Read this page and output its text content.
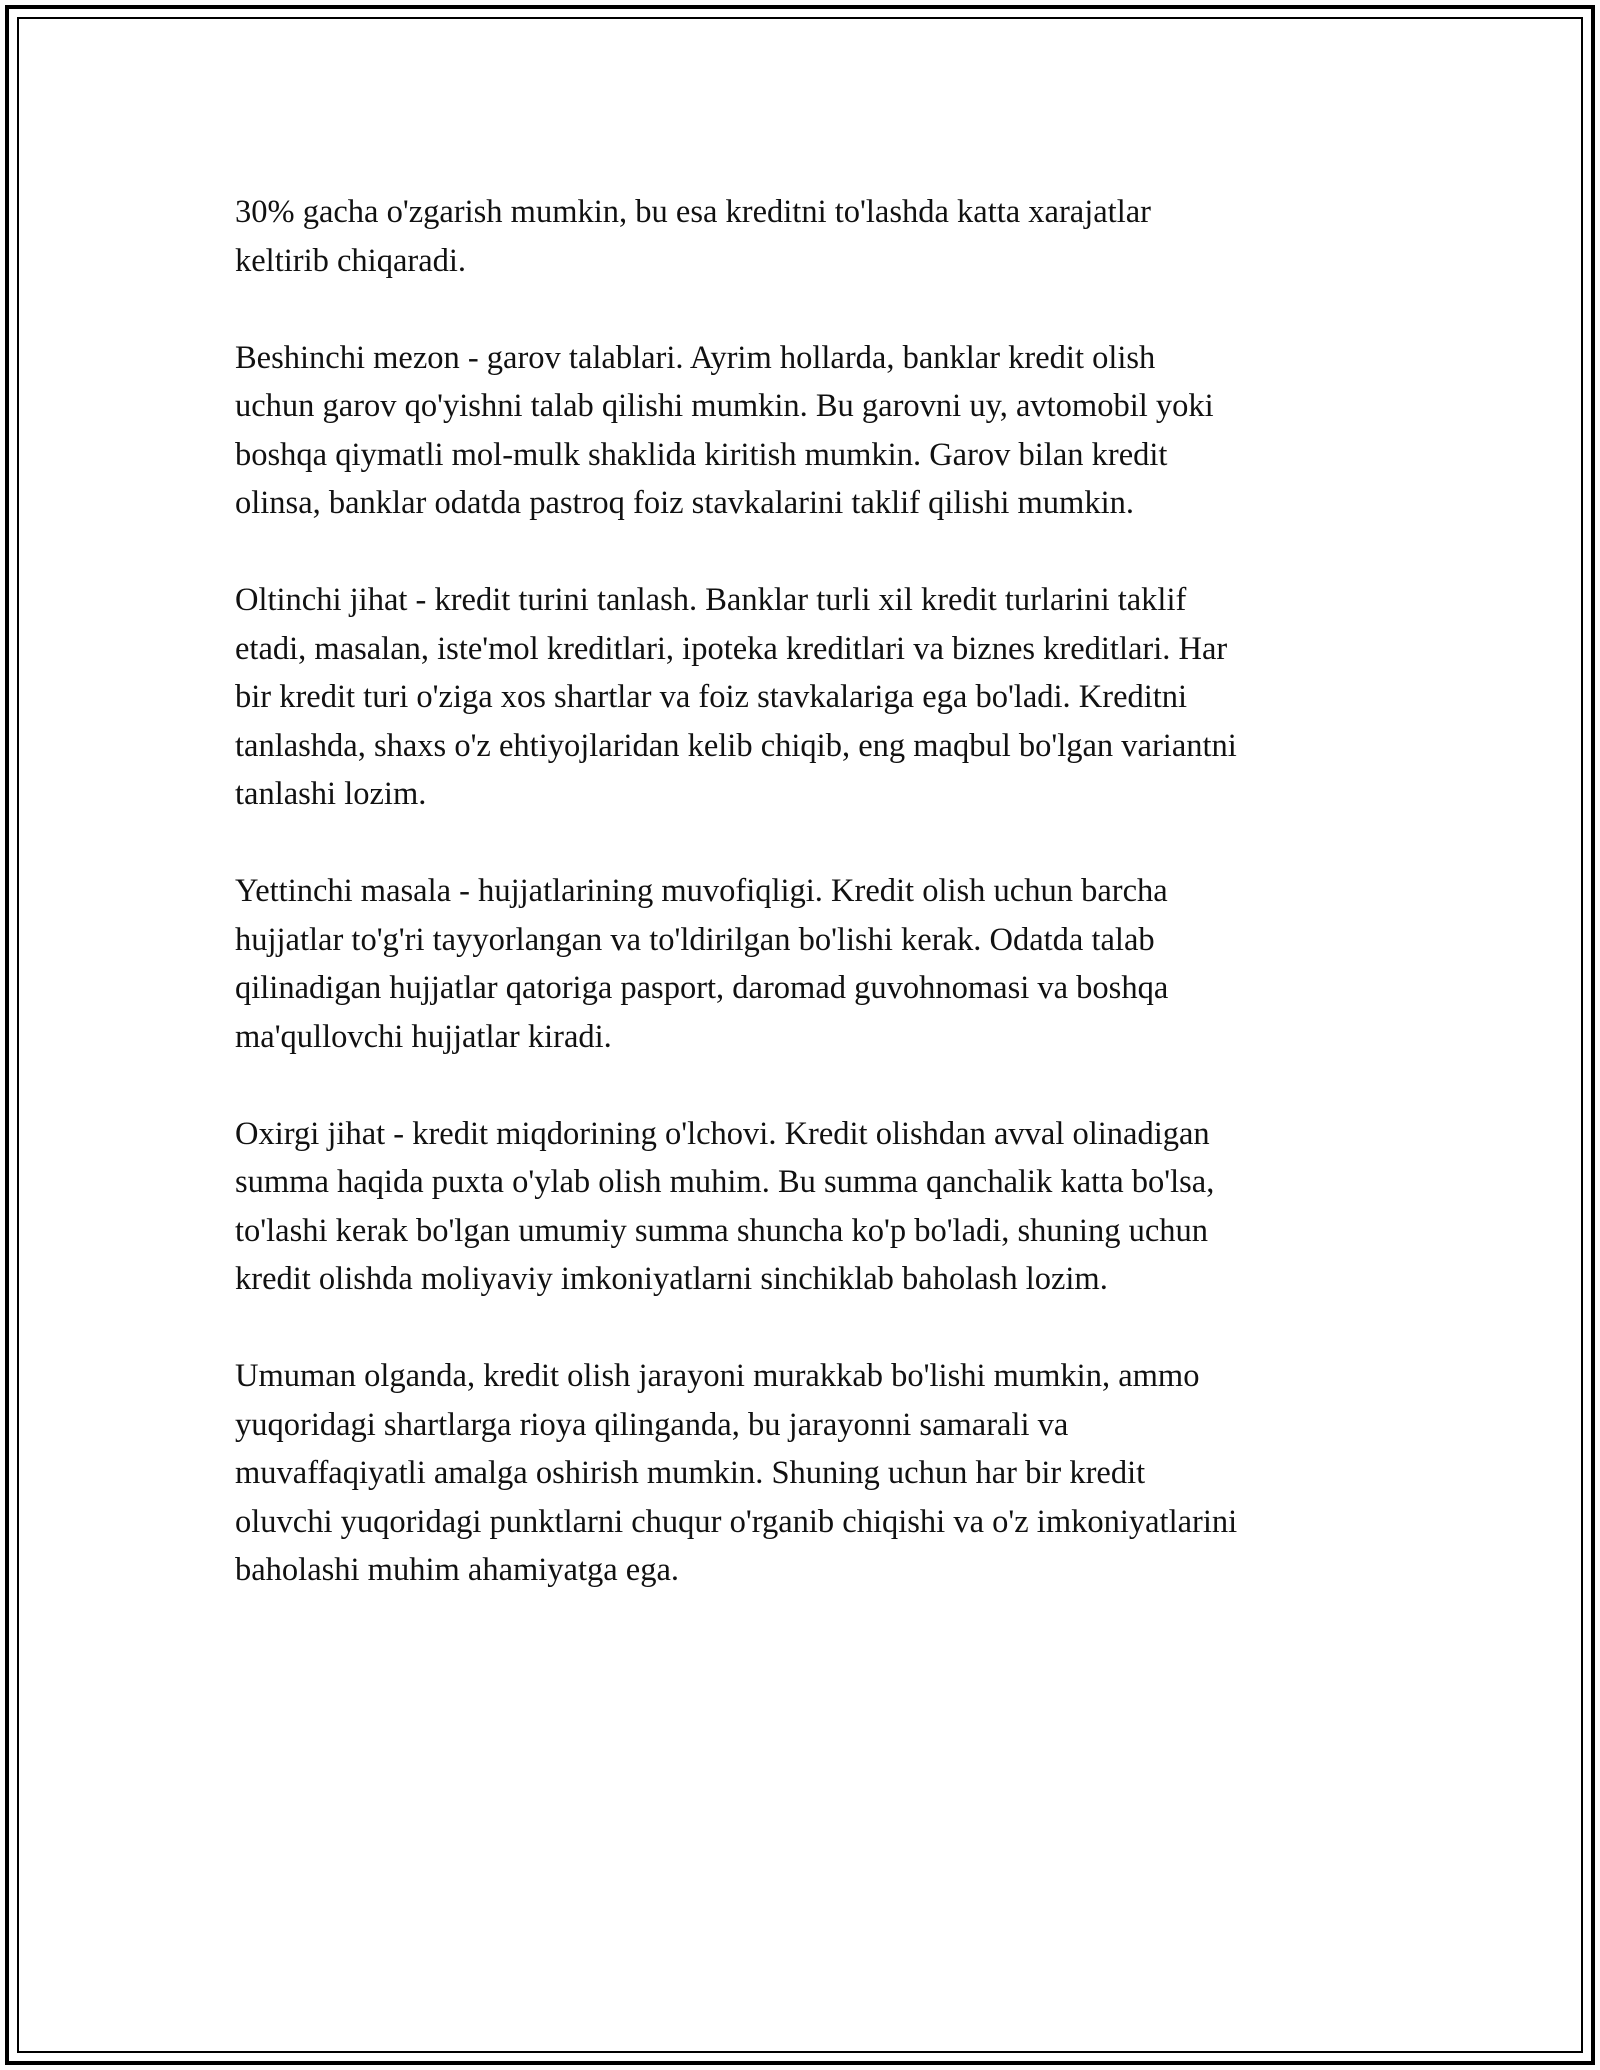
30% gacha o'zgarish mumkin, bu esa kreditni to'lashda katta xarajatlar
keltirib chiqaradi.

Beshinchi mezon - garov talablari. Ayrim hollarda, banklar kredit olish
uchun garov qo'yishni talab qilishi mumkin. Bu garovni uy, avtomobil yoki
boshqa qiymatli mol-mulk shaklida kiritish mumkin. Garov bilan kredit
olinsa, banklar odatda pastroq foiz stavkalarini taklif qilishi mumkin.

Oltinchi jihat - kredit turini tanlash. Banklar turli xil kredit turlarini taklif
etadi, masalan, iste'mol kreditlari, ipoteka kreditlari va biznes kreditlari. Har
bir kredit turi o'ziga xos shartlar va foiz stavkalariga ega bo'ladi. Kreditni
tanlashda, shaxs o'z ehtiyojlaridan kelib chiqib, eng maqbul bo'lgan variantni
tanlashi lozim.

Yettinchi masala - hujjatlarining muvofiqligi. Kredit olish uchun barcha
hujjatlar to'g'ri tayyorlangan va to'ldirilgan bo'lishi kerak. Odatda talab
qilinadigan hujjatlar qatoriga pasport, daromad guvohnomasi va boshqa
ma'qullovchi hujjatlar kiradi.

Oxirgi jihat - kredit miqdorining o'lchovi. Kredit olishdan avval olinadigan
summa haqida puxta o'ylab olish muhim. Bu summa qanchalik katta bo'lsa,
to'lashi kerak bo'lgan umumiy summa shuncha ko'p bo'ladi, shuning uchun
kredit olishda moliyaviy imkoniyatlarni sinchiklab baholash lozim.

Umuman olganda, kredit olish jarayoni murakkab bo'lishi mumkin, ammo
yuqoridagi shartlarga rioya qilinganda, bu jarayonni samarali va
muvaffaqiyatli amalga oshirish mumkin. Shuning uchun har bir kredit
oluvchi yuqoridagi punktlarni chuqur o'rganib chiqishi va o'z imkoniyatlarini
baholashi muhim ahamiyatga ega.
